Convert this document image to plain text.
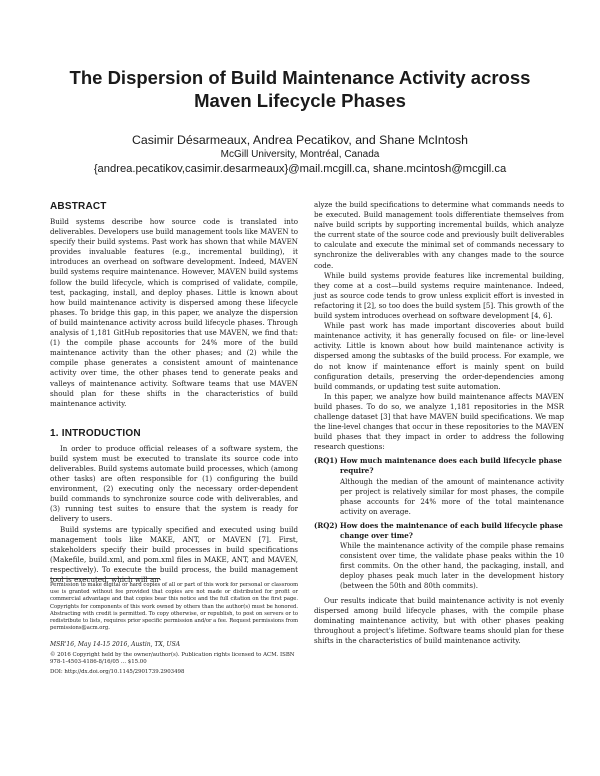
The Dispersion of Build Maintenance Activity across Maven Lifecycle Phases
Casimir Désarmeaux, Andrea Pecatikov, and Shane McIntosh
McGill University, Montréal, Canada
{andrea.pecatikov,casimir.desarmeaux}@mail.mcgill.ca, shane.mcintosh@mcgill.ca
ABSTRACT

Build systems describe how source code is translated into deliverables. Developers use build management tools like MAVEN to specify their build systems. Past work has shown that while MAVEN provides invaluable features (e.g., incremental building), it introduces an overhead on software development. Indeed, MAVEN build systems require maintenance. However, MAVEN build systems follow the build lifecycle, which is comprised of validate, compile, test, packaging, install, and deploy phases. Little is known about how build maintenance activity is dispersed among these lifecycle phases. To bridge this gap, in this paper, we analyze the dispersion of build maintenance activity across build lifecycle phases. Through analysis of 1,181 GitHub repositories that use MAVEN, we find that: (1) the compile phase accounts for 24% more of the build maintenance activity than the other phases; and (2) while the compile phase generates a consistent amount of maintenance activity over time, the other phases tend to generate peaks and valleys of maintenance activity. Software teams that use MAVEN should plan for these shifts in the characteristics of build maintenance activity.

1. INTRODUCTION

In order to produce official releases of a software system, the build system must be executed to translate its source code into deliverables. Build systems automate build processes, which (among other tasks) are often responsible for (1) configuring the build environment, (2) executing only the necessary order-dependent build commands to synchronize source code with deliverables, and (3) running test suites to ensure that the system is ready for delivery to users.

Build systems are typically specified and executed using build management tools like MAKE, ANT, or MAVEN [7]. First, stakeholders specify their build processes in build specifications (Makefile, build.xml, and pom.xml files in MAKE, ANT, and MAVEN, respectively). To execute the build process, the build management tool is executed, which will an-

Permission to make digital or hard copies of all or part of this work for personal or classroom use is granted without fee provided that copies are not made or distributed for profit or commercial advantage and that copies bear this notice and the full citation on the first page. Copyrights for components of this work owned by others than the author(s) must be honored. Abstracting with credit is permitted. To copy otherwise, or republish, to post on servers or to redistribute to lists, requires prior specific permission and/or a fee. Request permissions from permissions@acm.org.
MSR'16, May 14-15 2016, Austin, TX, USA
© 2016 Copyright held by the owner/author(s). Publication rights licensed to ACM. ISBN 978-1-4503-4186-8/16/05 ... $15.00
DOI: http://dx.doi.org/10.1145/2901739.2903498

alyze the build specifications to determine what commands needs to be executed. Build management tools differentiate themselves from naïve build scripts by supporting incremental builds, which analyze the current state of the source code and previously built deliverables to calculate and execute the minimal set of commands necessary to synchronize the deliverables with any changes made to the source code.

While build systems provide features like incremental building, they come at a cost—build systems require maintenance. Indeed, just as source code tends to grow unless explicit effort is invested in refactoring it [2], so too does the build system [5]. This growth of the build system introduces overhead on software development [4, 6].

While past work has made important discoveries about build maintenance activity, it has generally focused on file- or line-level activity. Little is known about how build maintenance activity is dispersed among the subtasks of the build process. For example, we do not know if maintenance effort is mainly spent on build configuration details, preserving the order-dependencies among build commands, or updating test suite automation.

In this paper, we analyze how build maintenance affects MAVEN build phases. To do so, we analyze 1,181 repositories in the MSR challenge dataset [3] that have MAVEN build specifications. We map the line-level changes that occur in these repositories to the MAVEN build phases that they impact in order to address the following research questions:

(RQ1) How much maintenance does each build lifecycle phase require?
Although the median of the amount of maintenance activity per project is relatively similar for most phases, the compile phase accounts for 24% more of the total maintenance activity on average.
(RQ2) How does the maintenance of each build lifecycle phase change over time?
While the maintenance activity of the compile phase remains consistent over time, the validate phase peaks within the 10 first commits. On the other hand, the packaging, install, and deploy phases peak much later in the development history (between the 50th and 80th commits).

Our results indicate that build maintenance activity is not evenly dispersed among build lifecycle phases, with the compile phase dominating maintenance activity, but with other phases peaking throughout a project's lifetime. Software teams should plan for these shifts in the characteristics of build maintenance activity.
